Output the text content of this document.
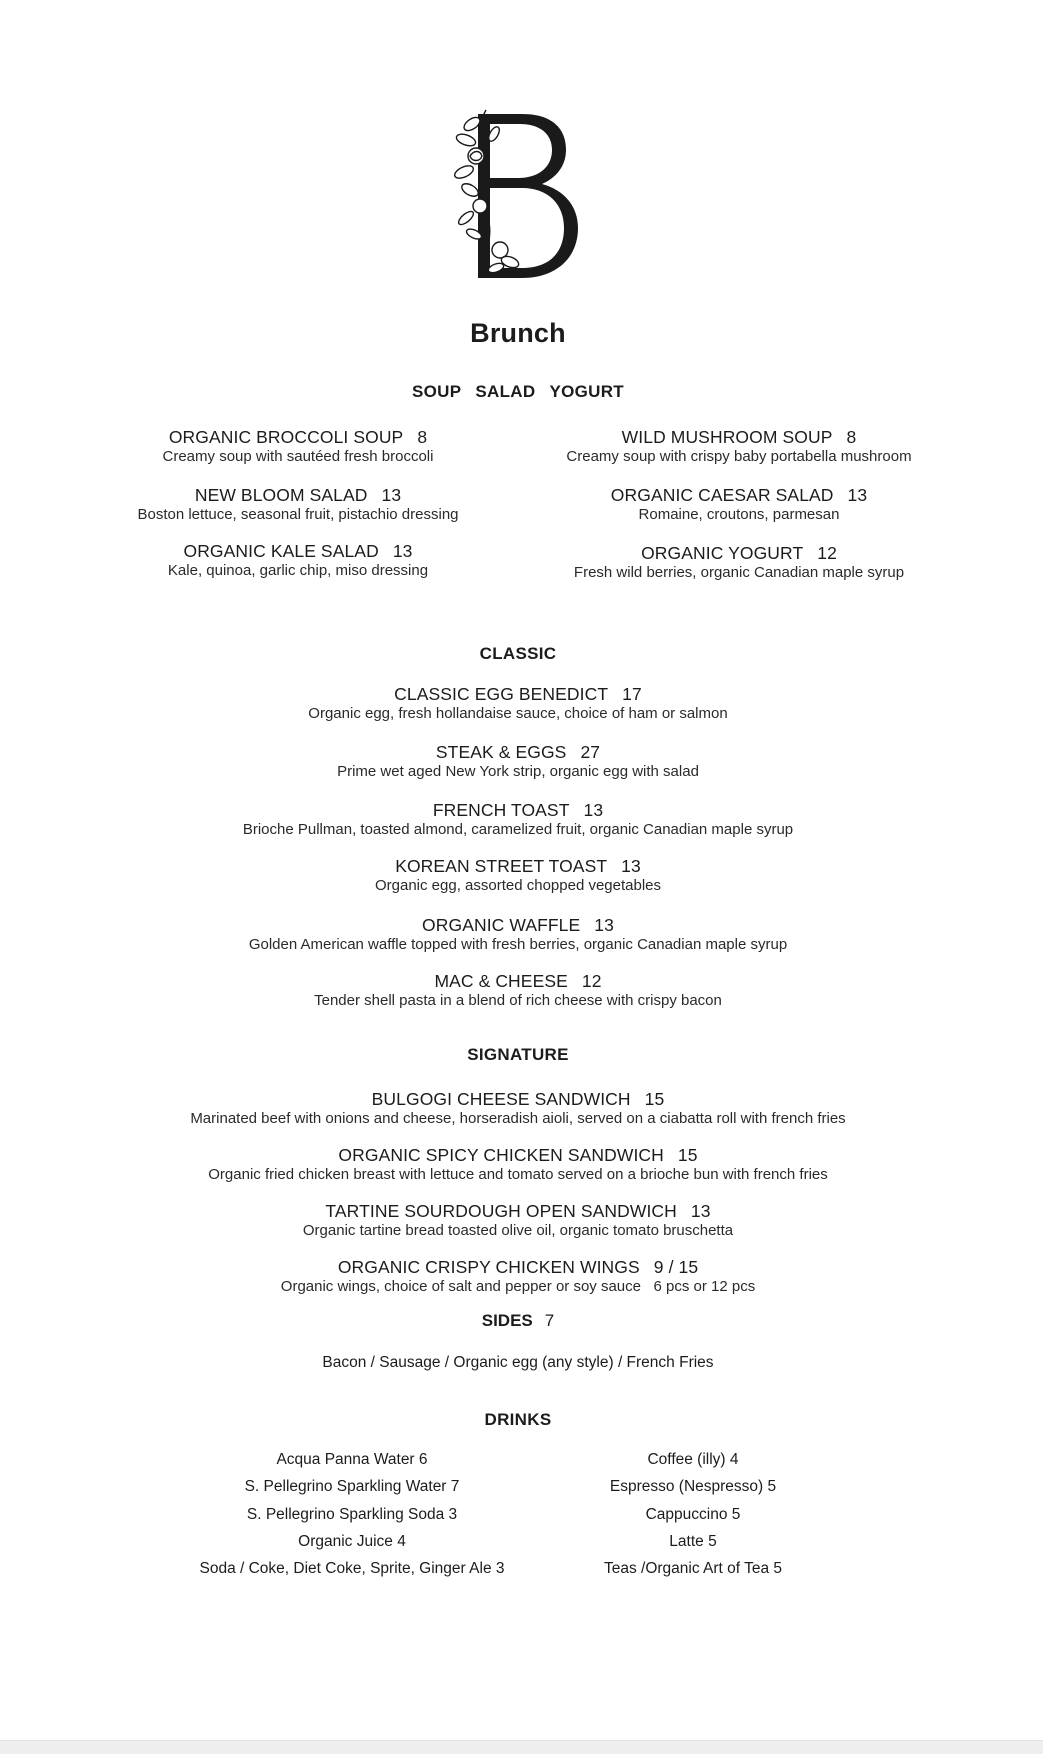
Brunch
SOUP SALAD YOGURT
ORGANIC BROCCOLI SOUP 8
Creamy soup with sautéed fresh broccoli
NEW BLOOM SALAD 13
Boston lettuce, seasonal fruit, pistachio dressing
ORGANIC KALE SALAD 13
Kale, quinoa, garlic chip, miso dressing
WILD MUSHROOM SOUP 8
Creamy soup with crispy baby portabella mushroom
ORGANIC CAESAR SALAD 13
Romaine, croutons, parmesan
ORGANIC YOGURT 12
Fresh wild berries, organic Canadian maple syrup
CLASSIC
CLASSIC EGG BENEDICT 17
Organic egg, fresh hollandaise sauce, choice of ham or salmon
STEAK & EGGS 27
Prime wet aged New York strip, organic egg with salad
FRENCH TOAST 13
Brioche Pullman, toasted almond, caramelized fruit, organic Canadian maple syrup
KOREAN STREET TOAST 13
Organic egg, assorted chopped vegetables
ORGANIC WAFFLE 13
Golden American waffle topped with fresh berries, organic Canadian maple syrup
MAC & CHEESE 12
Tender shell pasta in a blend of rich cheese with crispy bacon
SIGNATURE
BULGOGI CHEESE SANDWICH 15
Marinated beef with onions and cheese, horseradish aioli, served on a ciabatta roll with french fries
ORGANIC SPICY CHICKEN SANDWICH 15
Organic fried chicken breast with lettuce and tomato served on a brioche bun with french fries
TARTINE SOURDOUGH OPEN SANDWICH 13
Organic tartine bread toasted olive oil, organic tomato bruschetta
ORGANIC CRISPY CHICKEN WINGS 9 / 15
Organic wings, choice of salt and pepper or soy sauce   6 pcs or 12 pcs
SIDES 7
Bacon / Sausage / Organic egg (any style) / French Fries
DRINKS
Acqua Panna Water 6
S. Pellegrino Sparkling Water 7
S. Pellegrino Sparkling Soda 3
Organic Juice 4
Soda / Coke, Diet Coke, Sprite, Ginger Ale 3
Coffee (illy) 4
Espresso (Nespresso) 5
Cappuccino 5
Latte 5
Teas /Organic Art of Tea 5
